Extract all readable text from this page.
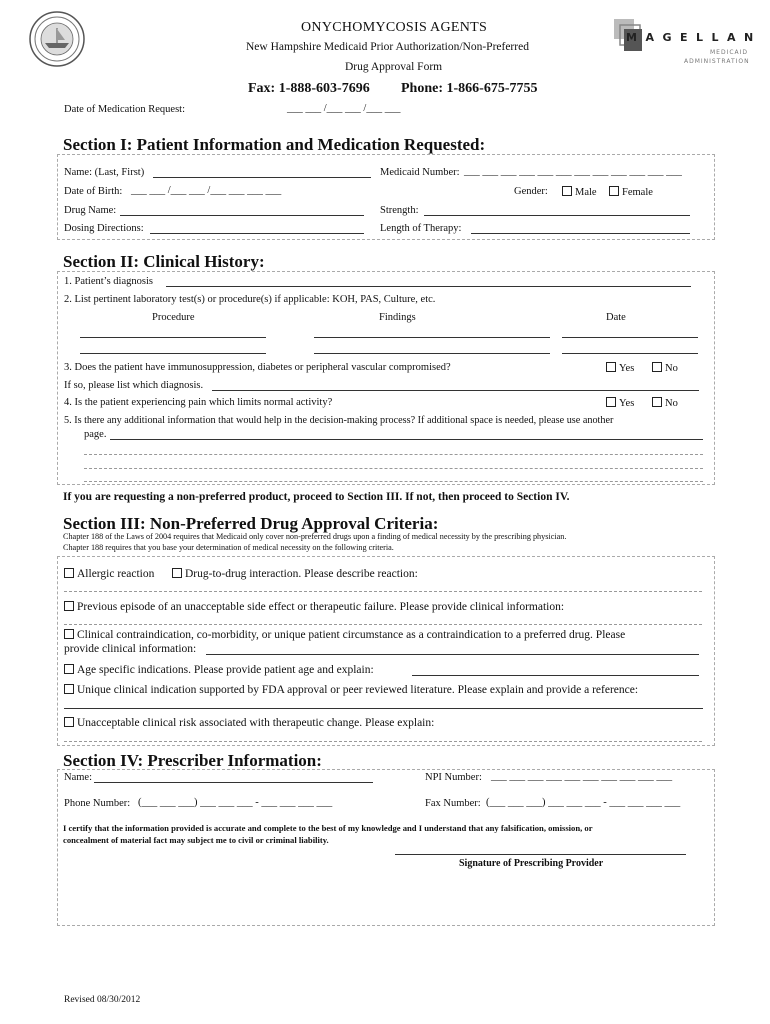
ONYCHOMYCOSIS AGENTS
New Hampshire Medicaid Prior Authorization/Non-Preferred
Drug Approval Form
Fax: 1-888-603-7696 Phone: 1-866-675-7755
Date of Medication Request:	___ ___ /___ ___ /___ ___
MAGELLAN
MEDICAID
ADMINISTRATION
Section I: Patient Information and Medication Requested:
Name: (Last, First)	Medicaid Number: ___ ___ ___ ___ ___ ___ ___ ___ ___ ___ ___ ___
Date of Birth: ___ ___ /___ ___ /___ ___ ___ ___	Gender:	Male	Female
Drug Name:	Strength:
Dosing Directions:	Length of Therapy:
Section II: Clinical History:
1. Patient’s diagnosis
2. List pertinent laboratory test(s) or procedure(s) if applicable: KOH, PAS, Culture, etc.
Procedure	Findings	Date
3. Does the patient have immunosuppression, diabetes or peripheral vascular compromised?	Yes	No
If so, please list which diagnosis.
4. Is the patient experiencing pain which limits normal activity?	Yes	No
5. Is there any additional information that would help in the decision-making process? If additional space is needed, please use another
page.
If you are requesting a non-preferred product, proceed to Section III. If not, then proceed to Section IV.
Section III: Non-Preferred Drug Approval Criteria:
Chapter 188 of the Laws of 2004 requires that Medicaid only cover non-preferred drugs upon a finding of medical necessity by the prescribing physician.
Chapter 188 requires that you base your determination of medical necessity on the following criteria.
Allergic reaction	Drug-to-drug interaction. Please describe reaction:
Previous episode of an unacceptable side effect or therapeutic failure. Please provide clinical information:
Clinical contraindication, co-morbidity, or unique patient circumstance as a contraindication to a preferred drug. Please
provide clinical information:
Age specific indications. Please provide patient age and explain:
Unique clinical indication supported by FDA approval or peer reviewed literature. Please explain and provide a reference:
Unacceptable clinical risk associated with therapeutic change. Please explain:
Section IV: Prescriber Information:
Name:	NPI Number: ___ ___ ___ ___ ___ ___ ___ ___ ___ ___
Phone Number: (___ ___ ___) ___ ___ ___ - ___ ___ ___ ___	Fax Number: (___ ___ ___) ___ ___ ___ - ___ ___ ___ ___
I certify that the information provided is accurate and complete to the best of my knowledge and I understand that any falsification, omission, or
concealment of material fact may subject me to civil or criminal liability.
Signature of Prescribing Provider
Revised 08/30/2012
